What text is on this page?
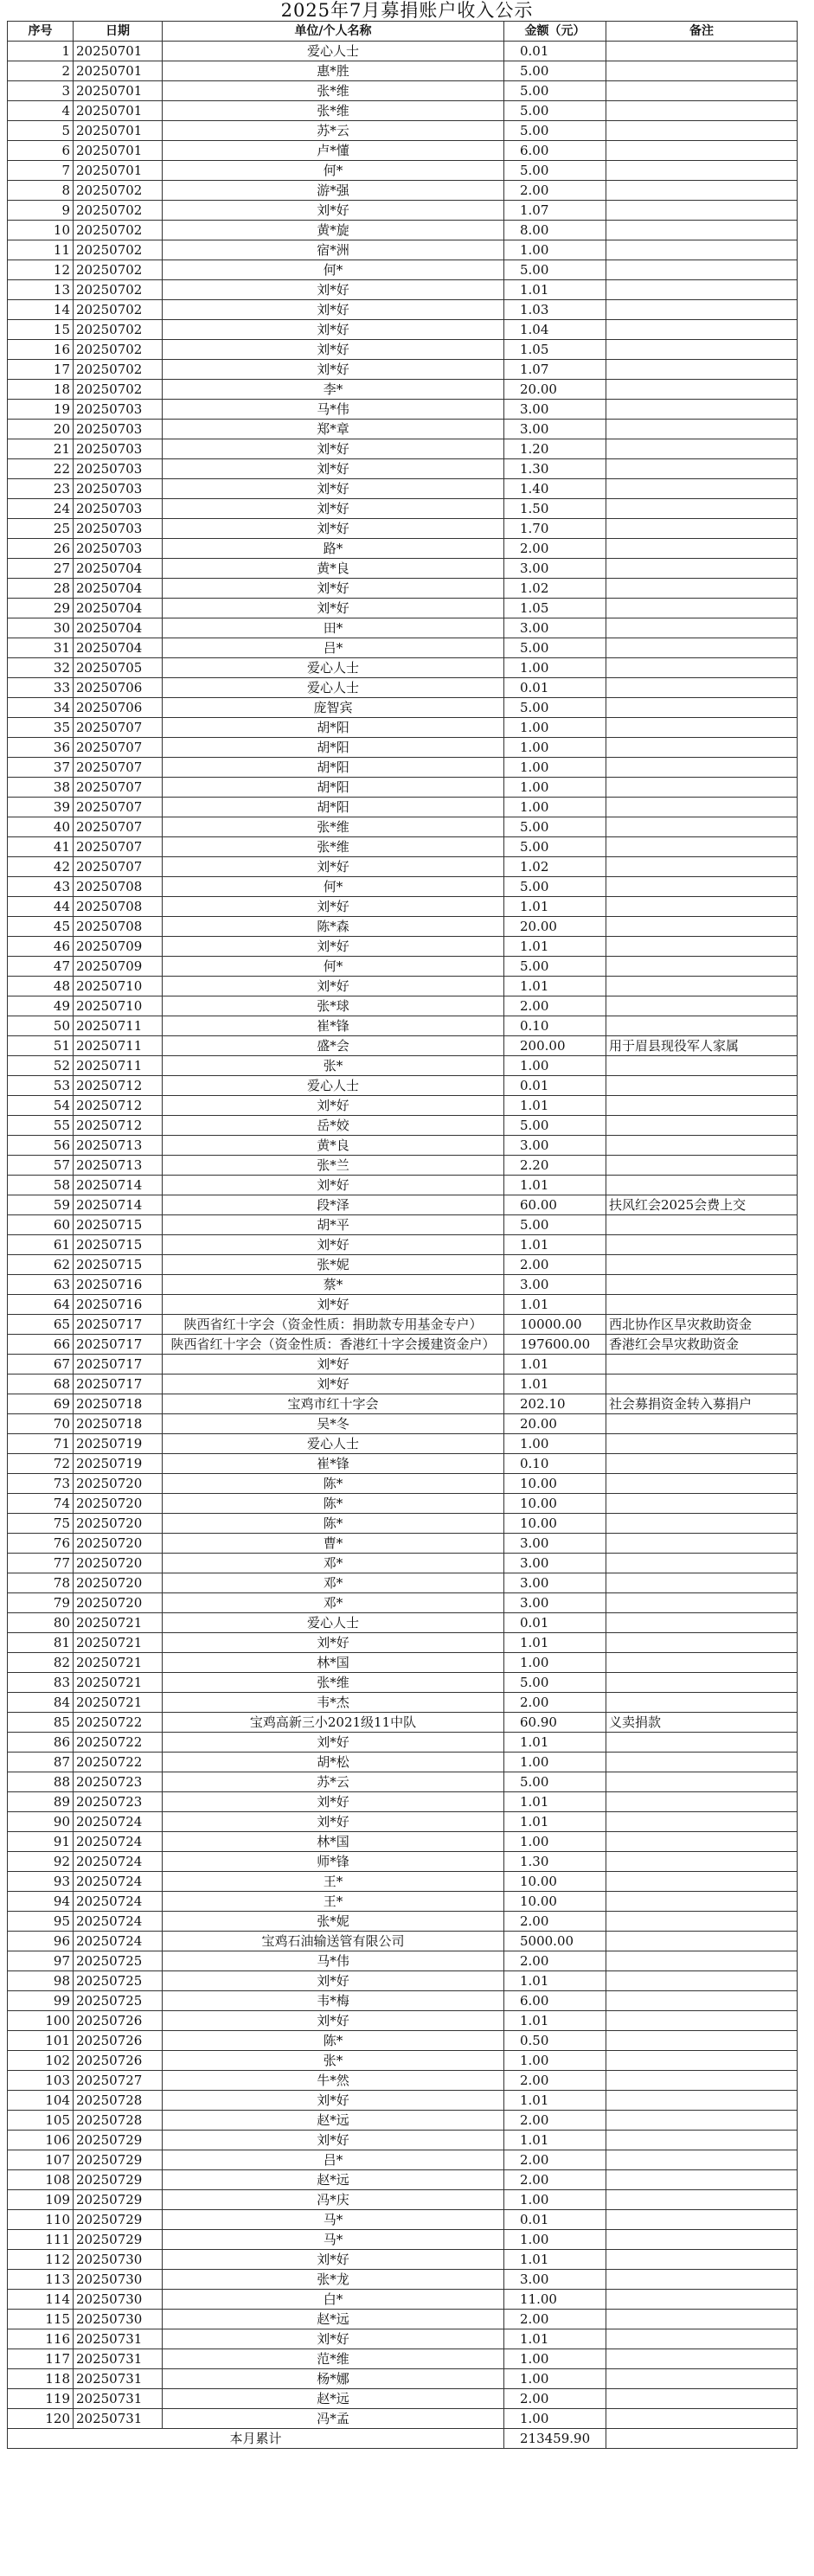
2025年7月募捐账户收入公示
序号	日期	单位/个人名称	金额（元）	备注
1	20250701	爱心人士	0.01	
2	20250701	惠*胜	5.00	
3	20250701	张*维	5.00	
4	20250701	张*维	5.00	
5	20250701	苏*云	5.00	
6	20250701	卢*懂	6.00	
7	20250701	何*	5.00	
8	20250702	游*强	2.00	
9	20250702	刘*好	1.07	
10	20250702	黄*旋	8.00	
11	20250702	宿*洲	1.00	
12	20250702	何*	5.00	
13	20250702	刘*好	1.01	
14	20250702	刘*好	1.03	
15	20250702	刘*好	1.04	
16	20250702	刘*好	1.05	
17	20250702	刘*好	1.07	
18	20250702	李*	20.00	
19	20250703	马*伟	3.00	
20	20250703	郑*章	3.00	
21	20250703	刘*好	1.20	
22	20250703	刘*好	1.30	
23	20250703	刘*好	1.40	
24	20250703	刘*好	1.50	
25	20250703	刘*好	1.70	
26	20250703	路*	2.00	
27	20250704	黄*良	3.00	
28	20250704	刘*好	1.02	
29	20250704	刘*好	1.05	
30	20250704	田*	3.00	
31	20250704	吕*	5.00	
32	20250705	爱心人士	1.00	
33	20250706	爱心人士	0.01	
34	20250706	庞智宾	5.00	
35	20250707	胡*阳	1.00	
36	20250707	胡*阳	1.00	
37	20250707	胡*阳	1.00	
38	20250707	胡*阳	1.00	
39	20250707	胡*阳	1.00	
40	20250707	张*维	5.00	
41	20250707	张*维	5.00	
42	20250707	刘*好	1.02	
43	20250708	何*	5.00	
44	20250708	刘*好	1.01	
45	20250708	陈*森	20.00	
46	20250709	刘*好	1.01	
47	20250709	何*	5.00	
48	20250710	刘*好	1.01	
49	20250710	张*球	2.00	
50	20250711	崔*锋	0.10	
51	20250711	盛*会	200.00	用于眉县现役军人家属
52	20250711	张*	1.00	
53	20250712	爱心人士	0.01	
54	20250712	刘*好	1.01	
55	20250712	岳*姣	5.00	
56	20250713	黄*良	3.00	
57	20250713	张*兰	2.20	
58	20250714	刘*好	1.01	
59	20250714	段*泽	60.00	扶风红会2025会费上交
60	20250715	胡*平	5.00	
61	20250715	刘*好	1.01	
62	20250715	张*妮	2.00	
63	20250716	蔡*	3.00	
64	20250716	刘*好	1.01	
65	20250717	陕西省红十字会（资金性质：捐助款专用基金专户）	10000.00	西北协作区旱灾救助资金
66	20250717	陕西省红十字会（资金性质：香港红十字会援建资金户）	197600.00	香港红会旱灾救助资金
67	20250717	刘*好	1.01	
68	20250717	刘*好	1.01	
69	20250718	宝鸡市红十字会	202.10	社会募捐资金转入募捐户
70	20250718	吴*冬	20.00	
71	20250719	爱心人士	1.00	
72	20250719	崔*锋	0.10	
73	20250720	陈*	10.00	
74	20250720	陈*	10.00	
75	20250720	陈*	10.00	
76	20250720	曹*	3.00	
77	20250720	邓*	3.00	
78	20250720	邓*	3.00	
79	20250720	邓*	3.00	
80	20250721	爱心人士	0.01	
81	20250721	刘*好	1.01	
82	20250721	林*国	1.00	
83	20250721	张*维	5.00	
84	20250721	韦*杰	2.00	
85	20250722	宝鸡高新三小2021级11中队	60.90	义卖捐款
86	20250722	刘*好	1.01	
87	20250722	胡*松	1.00	
88	20250723	苏*云	5.00	
89	20250723	刘*好	1.01	
90	20250724	刘*好	1.01	
91	20250724	林*国	1.00	
92	20250724	师*锋	1.30	
93	20250724	王*	10.00	
94	20250724	王*	10.00	
95	20250724	张*妮	2.00	
96	20250724	宝鸡石油输送管有限公司	5000.00	
97	20250725	马*伟	2.00	
98	20250725	刘*好	1.01	
99	20250725	韦*梅	6.00	
100	20250726	刘*好	1.01	
101	20250726	陈*	0.50	
102	20250726	张*	1.00	
103	20250727	牛*然	2.00	
104	20250728	刘*好	1.01	
105	20250728	赵*远	2.00	
106	20250729	刘*好	1.01	
107	20250729	吕*	2.00	
108	20250729	赵*远	2.00	
109	20250729	冯*庆	1.00	
110	20250729	马*	0.01	
111	20250729	马*	1.00	
112	20250730	刘*好	1.01	
113	20250730	张*龙	3.00	
114	20250730	白*	11.00	
115	20250730	赵*远	2.00	
116	20250731	刘*好	1.01	
117	20250731	范*维	1.00	
118	20250731	杨*娜	1.00	
119	20250731	赵*远	2.00	
120	20250731	冯*孟	1.00	
本月累计			213459.90	
